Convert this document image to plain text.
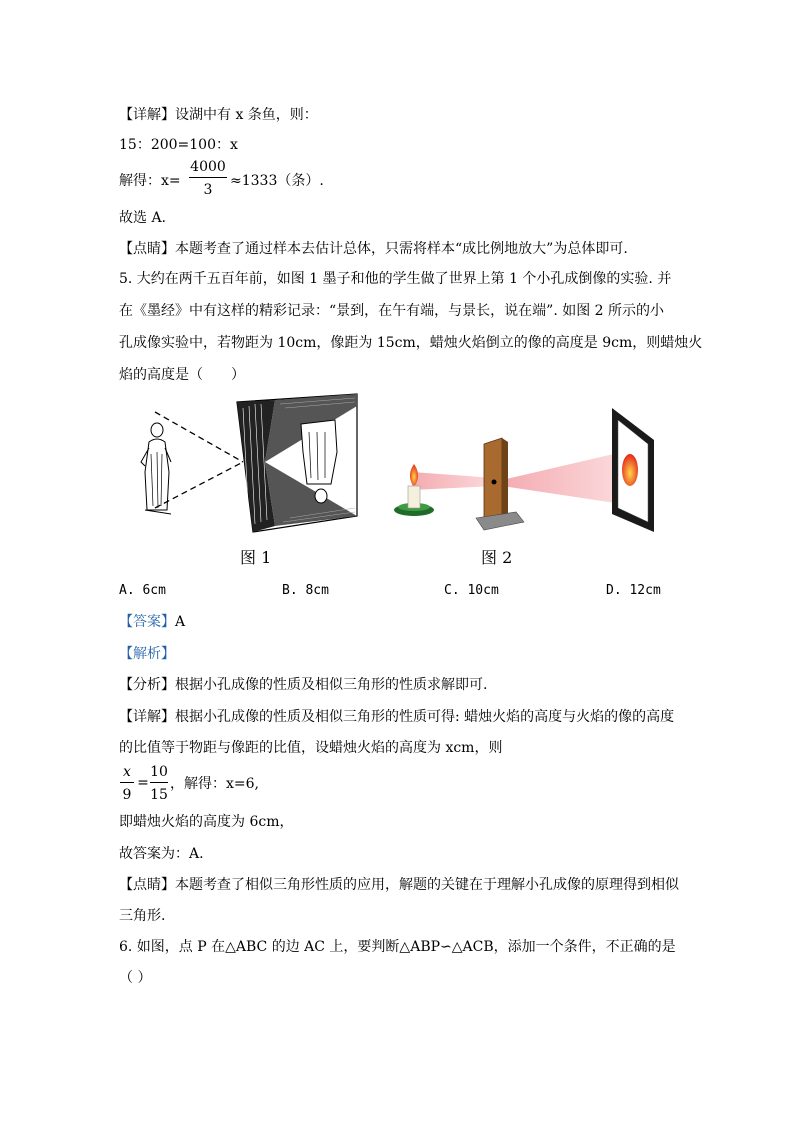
【详解】设湖中有 x 条鱼，则：
15：200=100：x
解得：x=
4000
3
≈1333（条）.
故选 A.
【点睛】本题考查了通过样本去估计总体，只需将样本“成比例地放大”为总体即可.
5. 大约在两千五百年前，如图 1 墨子和他的学生做了世界上第 1 个小孔成倒像的实验. 并
在《墨经》中有这样的精彩记录：“景到，在午有端，与景长，说在端”. 如图 2 所示的小
孔成像实验中，若物距为 10cm，像距为 15cm，蜡烛火焰倒立的像的高度是 9cm，则蜡烛火
焰的高度是（　　）
图 1	图 2
A. 6cm	B. 8cm	C. 10cm	D. 12cm
【答案】A
【解析】
【分析】根据小孔成像的性质及相似三角形的性质求解即可.
【详解】根据小孔成像的性质及相似三角形的性质可得: 蜡烛火焰的高度与火焰的像的高度
的比值等于物距与像距的比值，设蜡烛火焰的高度为 xcm，则
x
9
=
10
15
，解得：x=6,
即蜡烛火焰的高度为 6cm，
故答案为：A.
【点睛】本题考查了相似三角形性质的应用，解题的关键在于理解小孔成像的原理得到相似
三角形.
6. 如图，点 P 在△ABC 的边 AC 上，要判断△ABP∽△ACB，添加一个条件，不正确的是
（ ）
